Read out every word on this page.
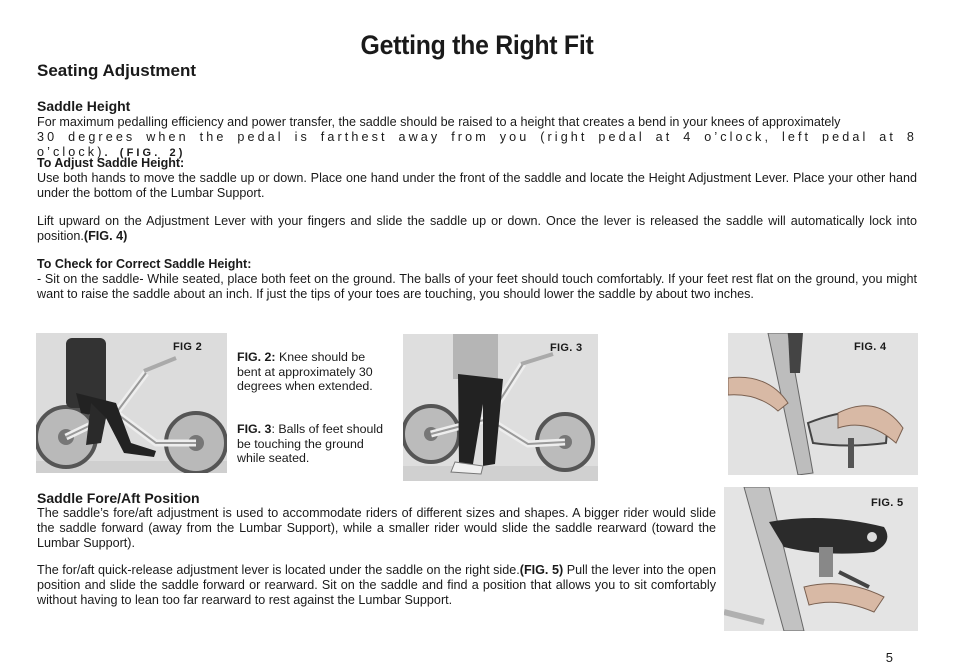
Getting the Right Fit
Seating Adjustment
Saddle Height
For maximum pedalling efficiency and power transfer, the saddle should be raised to a height that creates a bend in your knees of approximately
30 degrees when the pedal is farthest away from you (right pedal at 4 o’clock, left pedal at 8 o’clock). (FIG. 2)
To Adjust Saddle Height:
Use both hands to move the saddle up or down. Place one hand under the front of the saddle and locate the Height Adjustment Lever. Place your other hand under the bottom of the Lumbar Support.
Lift upward on the Adjustment Lever with your fingers and slide the saddle up or down. Once the lever is released the saddle will automatically lock into position.(FIG. 4)
To Check for Correct Saddle Height:
- Sit on the saddle- While seated, place both feet on the ground. The balls of your feet should touch comfortably. If your feet rest flat on the ground, you might want to raise the saddle about an inch. If just the tips of your toes are touching, you should lower the saddle by about two inches.
FIG 2
FIG. 2: Knee should be bent at approximately 30 degrees when extended.
FIG. 3: Balls of feet should be touching the ground while seated.
FIG. 3	FIG. 4
FIG. 5
Saddle Fore/Aft Position
The saddle’s fore/aft adjustment is used to accommodate riders of different sizes and shapes. A bigger rider would slide the saddle forward (away from the Lumbar Support), while a smaller rider would slide the saddle rearward (toward the Lumbar Support).
The for/aft quick-release adjustment lever is located under the saddle on the right side.(FIG. 5) Pull the lever into the open position and slide the saddle forward or rearward. Sit on the saddle and find a position that allows you to sit comfortably without having to lean too far rearward to rest against the Lumbar Support.
5
